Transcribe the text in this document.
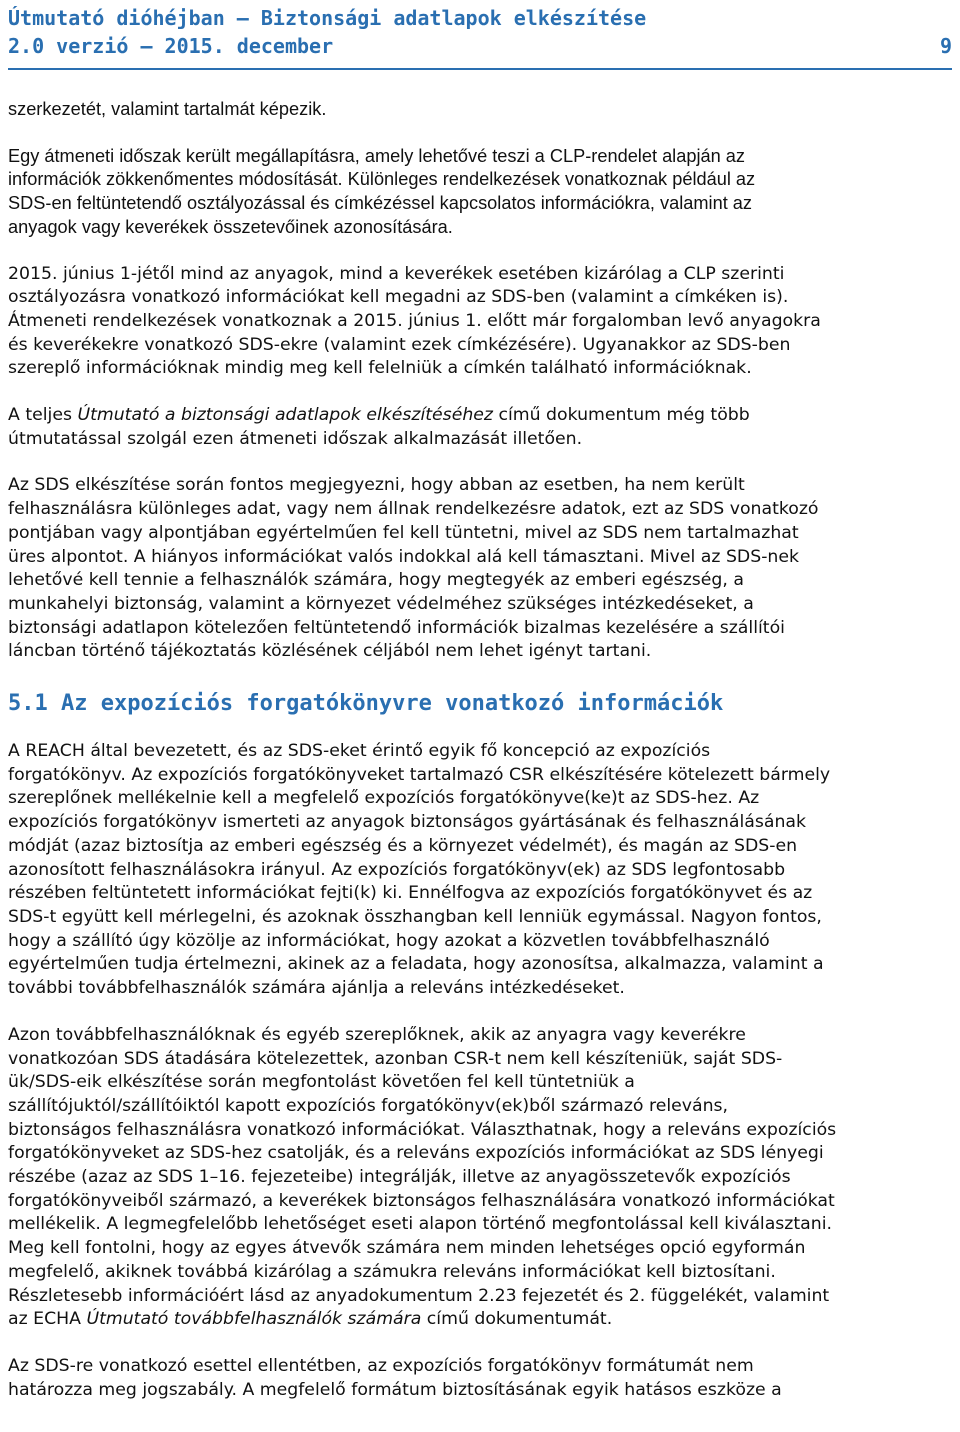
Útmutató dióhéjban – Biztonsági adatlapok elkészítése
2.0 verzió – 2015. december	9

szerkezetét, valamint tartalmát képezik.

Egy átmeneti időszak került megállapításra, amely lehetővé teszi a CLP-rendelet alapján az
információk zökkenőmentes módosítását. Különleges rendelkezések vonatkoznak például az
SDS-en feltüntetendő osztályozással és címkézéssel kapcsolatos információkra, valamint az
anyagok vagy keverékek összetevőinek azonosítására.

2015. június 1-jétől mind az anyagok, mind a keverékek esetében kizárólag a CLP szerinti
osztályozásra vonatkozó információkat kell megadni az SDS-ben (valamint a címkéken is).
Átmeneti rendelkezések vonatkoznak a 2015. június 1. előtt már forgalomban levő anyagokra
és keverékekre vonatkozó SDS-ekre (valamint ezek címkézésére). Ugyanakkor az SDS-ben
szereplő információknak mindig meg kell felelniük a címkén található információknak.

A teljes Útmutató a biztonsági adatlapok elkészítéséhez című dokumentum még több
útmutatással szolgál ezen átmeneti időszak alkalmazását illetően.

Az SDS elkészítése során fontos megjegyezni, hogy abban az esetben, ha nem került
felhasználásra különleges adat, vagy nem állnak rendelkezésre adatok, ezt az SDS vonatkozó
pontjában vagy alpontjában egyértelműen fel kell tüntetni, mivel az SDS nem tartalmazhat
üres alpontot. A hiányos információkat valós indokkal alá kell támasztani. Mivel az SDS-nek
lehetővé kell tennie a felhasználók számára, hogy megtegyék az emberi egészség, a
munkahelyi biztonság, valamint a környezet védelméhez szükséges intézkedéseket, a
biztonsági adatlapon kötelezően feltüntetendő információk bizalmas kezelésére a szállítói
láncban történő tájékoztatás közlésének céljából nem lehet igényt tartani.

5.1 Az expozíciós forgatókönyvre vonatkozó információk

A REACH által bevezetett, és az SDS-eket érintő egyik fő koncepció az expozíciós
forgatókönyv. Az expozíciós forgatókönyveket tartalmazó CSR elkészítésére kötelezett bármely
szereplőnek mellékelnie kell a megfelelő expozíciós forgatókönyve(ke)t az SDS-hez. Az
expozíciós forgatókönyv ismerteti az anyagok biztonságos gyártásának és felhasználásának
módját (azaz biztosítja az emberi egészség és a környezet védelmét), és magán az SDS-en
azonosított felhasználásokra irányul. Az expozíciós forgatókönyv(ek) az SDS legfontosabb
részében feltüntetett információkat fejti(k) ki. Ennélfogva az expozíciós forgatókönyvet és az
SDS-t együtt kell mérlegelni, és azoknak összhangban kell lenniük egymással. Nagyon fontos,
hogy a szállító úgy közölje az információkat, hogy azokat a közvetlen továbbfelhasználó
egyértelműen tudja értelmezni, akinek az a feladata, hogy azonosítsa, alkalmazza, valamint a
további továbbfelhasználók számára ajánlja a releváns intézkedéseket.

Azon továbbfelhasználóknak és egyéb szereplőknek, akik az anyagra vagy keverékre
vonatkozóan SDS átadására kötelezettek, azonban CSR-t nem kell készíteniük, saját SDS-
ük/SDS-eik elkészítése során megfontolást követően fel kell tüntetniük a
szállítójuktól/szállítóiktól kapott expozíciós forgatókönyv(ek)ből származó releváns,
biztonságos felhasználásra vonatkozó információkat. Választhatnak, hogy a releváns expozíciós
forgatókönyveket az SDS-hez csatolják, és a releváns expozíciós információkat az SDS lényegi
részébe (azaz az SDS 1–16. fejezeteibe) integrálják, illetve az anyagösszetevők expozíciós
forgatókönyveiből származó, a keverékek biztonságos felhasználására vonatkozó információkat
mellékelik. A legmegfelelőbb lehetőséget eseti alapon történő megfontolással kell kiválasztani.
Meg kell fontolni, hogy az egyes átvevők számára nem minden lehetséges opció egyformán
megfelelő, akiknek továbbá kizárólag a számukra releváns információkat kell biztosítani.
Részletesebb információért lásd az anyadokumentum 2.23 fejezetét és 2. függelékét, valamint
az ECHA Útmutató továbbfelhasználók számára című dokumentumát.

Az SDS-re vonatkozó esettel ellentétben, az expozíciós forgatókönyv formátumát nem
határozza meg jogszabály. A megfelelő formátum biztosításának egyik hatásos eszköze a
